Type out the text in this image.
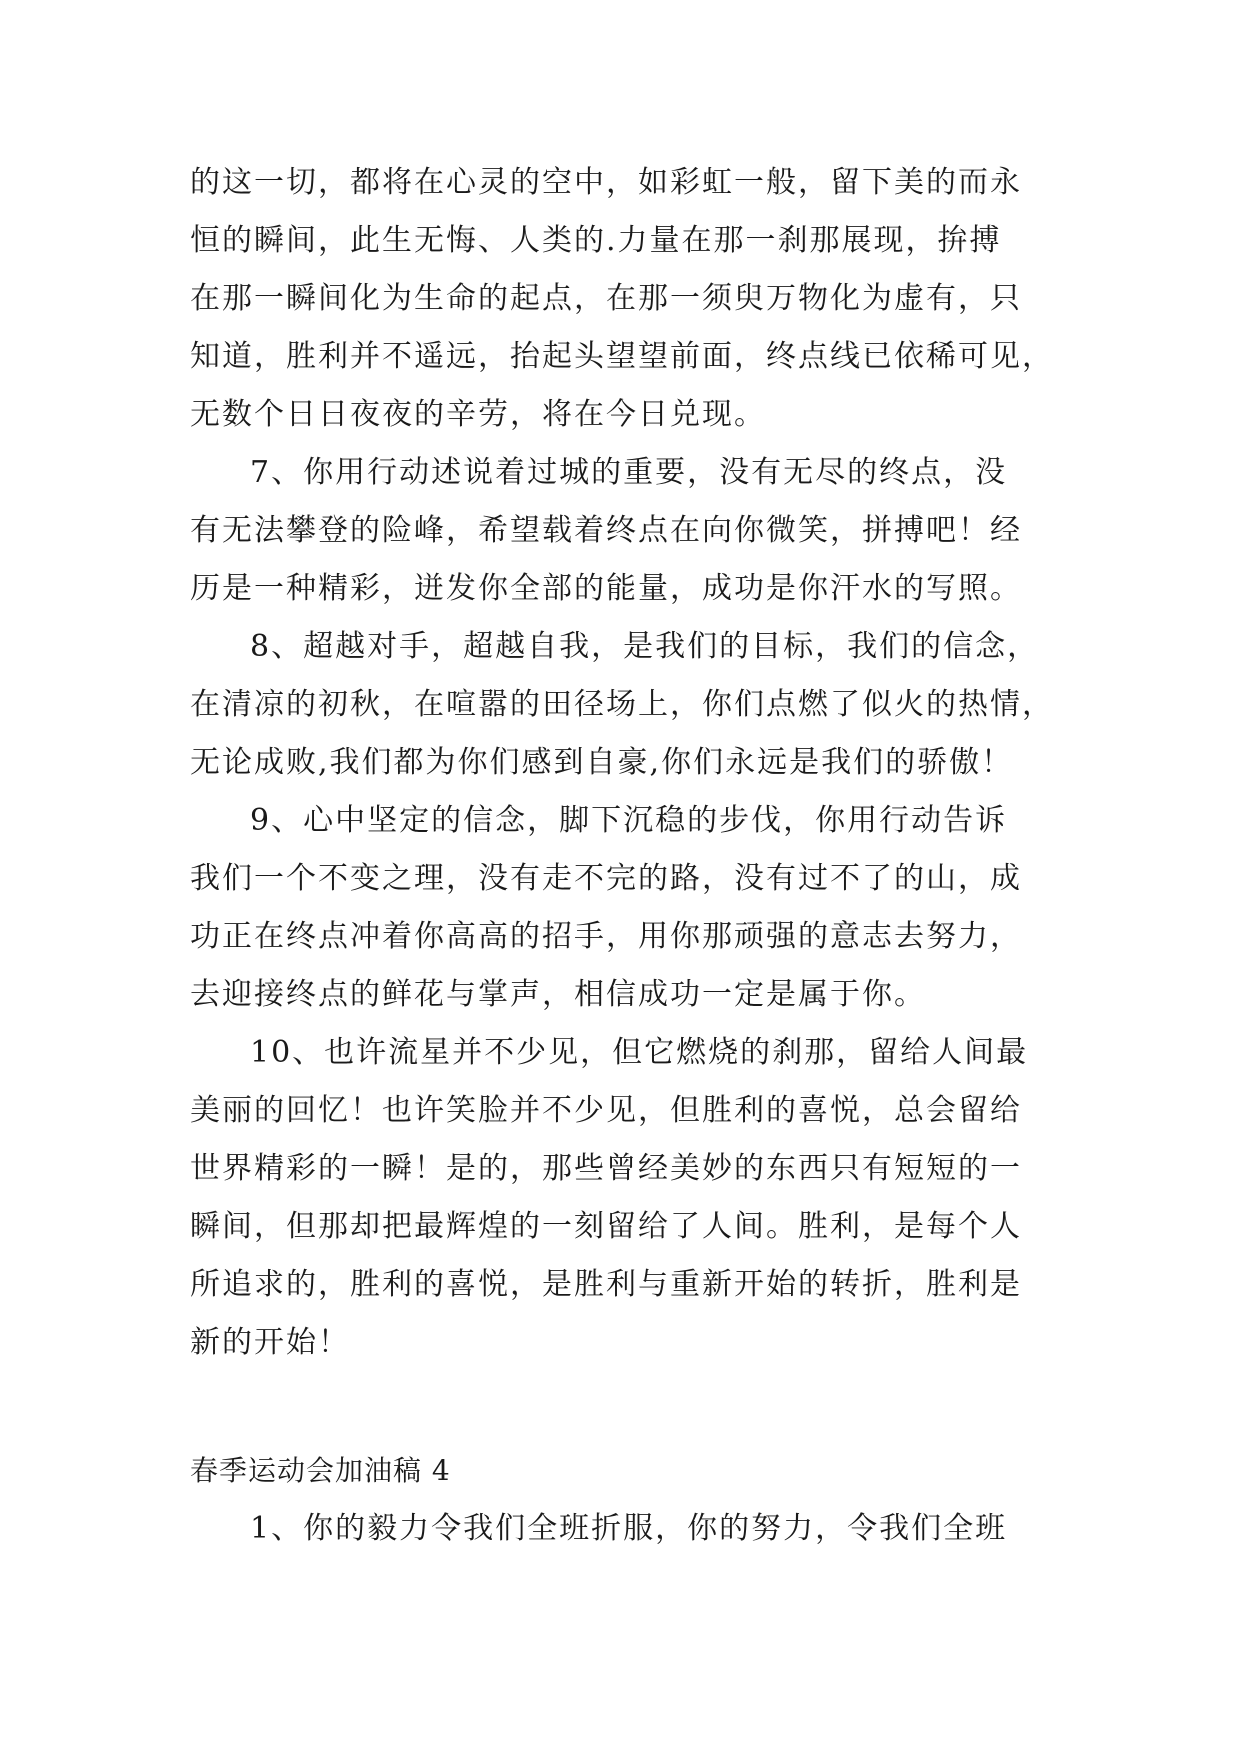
的这一切，都将在心灵的空中，如彩虹一般，留下美的而永
恒的瞬间，此生无悔、人类的.力量在那一刹那展现，拚搏
在那一瞬间化为生命的起点，在那一须臾万物化为虚有，只
知道，胜利并不遥远，抬起头望望前面，终点线已依稀可见，
无数个日日夜夜的辛劳，将在今日兑现。
7、你用行动述说着过城的重要，没有无尽的终点，没
有无法攀登的险峰，希望载着终点在向你微笑，拼搏吧！经
历是一种精彩，迸发你全部的能量，成功是你汗水的写照。
8、超越对手，超越自我，是我们的目标，我们的信念，
在清凉的初秋，在喧嚣的田径场上，你们点燃了似火的热情，
无论成败,我们都为你们感到自豪,你们永远是我们的骄傲！
9、心中坚定的信念，脚下沉稳的步伐，你用行动告诉
我们一个不变之理，没有走不完的路，没有过不了的山，成
功正在终点冲着你高高的招手，用你那顽强的意志去努力，
去迎接终点的鲜花与掌声，相信成功一定是属于你。
10、也许流星并不少见，但它燃烧的刹那，留给人间最
美丽的回忆！也许笑脸并不少见，但胜利的喜悦，总会留给
世界精彩的一瞬！是的，那些曾经美妙的东西只有短短的一
瞬间，但那却把最辉煌的一刻留给了人间。胜利，是每个人
所追求的，胜利的喜悦，是胜利与重新开始的转折，胜利是
新的开始！
春季运动会加油稿 4
1、你的毅力令我们全班折服，你的努力，令我们全班
